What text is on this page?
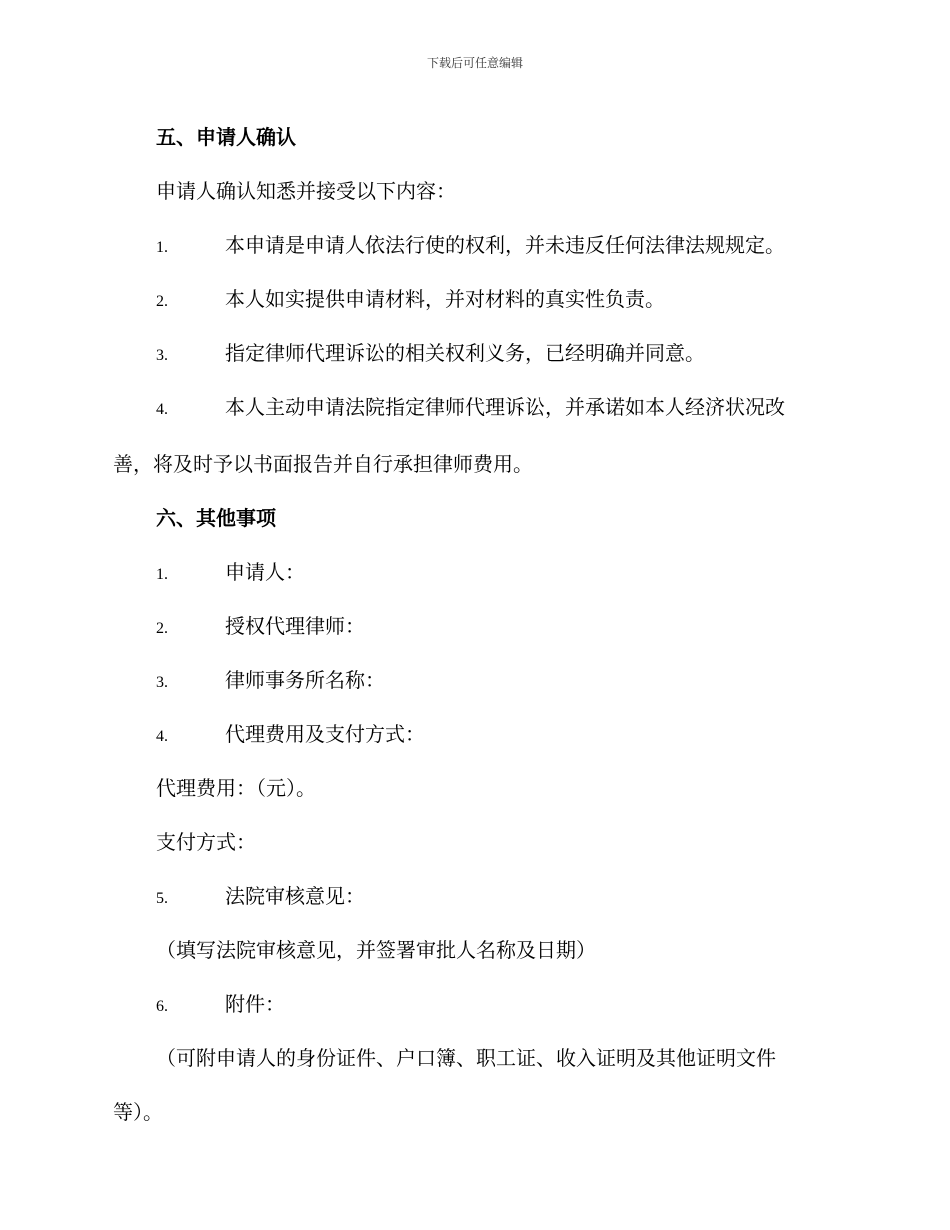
下载后可任意编辑
五、申请人确认
申请人确认知悉并接受以下内容：
1.	本申请是申请人依法行使的权利，并未违反任何法律法规规定。
2.	本人如实提供申请材料，并对材料的真实性负责。
3.	指定律师代理诉讼的相关权利义务，已经明确并同意。
4.	本人主动申请法院指定律师代理诉讼，并承诺如本人经济状况改
善，将及时予以书面报告并自行承担律师费用。
六、其他事项
1.	申请人：
2.	授权代理律师：
3.	律师事务所名称：
4.	代理费用及支付方式：
代理费用：（元）。
支付方式：
5.	法院审核意见：
（填写法院审核意见，并签署审批人名称及日期）
6.	附件：
（可附申请人的身份证件、户口簿、职工证、收入证明及其他证明文件
等）。
